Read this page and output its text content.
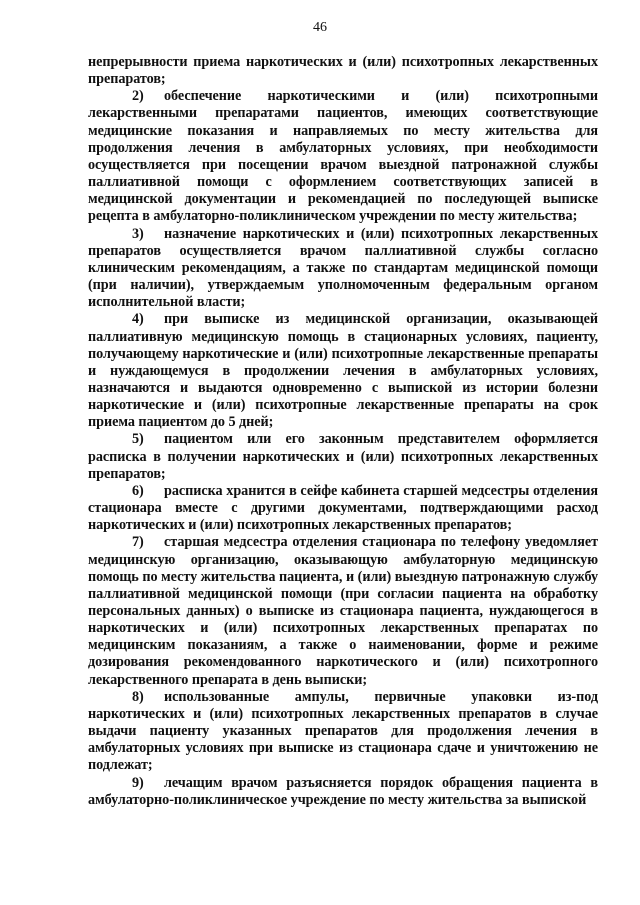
46

непрерывности приема наркотических и (или) психотропных лекарственных препаратов;

2) обеспечение наркотическими и (или) психотропными лекарственными препаратами пациентов, имеющих соответствующие медицинские показания и направляемых по месту жительства для продолжения лечения в амбулаторных условиях, при необходимости осуществляется при посещении врачом выездной патронажной службы паллиативной помощи с оформлением соответствующих записей в медицинской документации и рекомендацией по последующей выписке рецепта в амбулаторно-поликлиническом учреждении по месту жительства;

3) назначение наркотических и (или) психотропных лекарственных препаратов осуществляется врачом паллиативной службы согласно клиническим рекомендациям, а также по стандартам медицинской помощи (при наличии), утверждаемым уполномоченным федеральным органом исполнительной власти;

4) при выписке из медицинской организации, оказывающей паллиативную медицинскую помощь в стационарных условиях, пациенту, получающему наркотические и (или) психотропные лекарственные препараты и нуждающемуся в продолжении лечения в амбулаторных условиях, назначаются и выдаются одновременно с выпиской из истории болезни наркотические и (или) психотропные лекарственные препараты на срок приема пациентом до 5 дней;

5) пациентом или его законным представителем оформляется расписка в получении наркотических и (или) психотропных лекарственных препаратов;

6) расписка хранится в сейфе кабинета старшей медсестры отделения стационара вместе с другими документами, подтверждающими расход наркотических и (или) психотропных лекарственных препаратов;

7) старшая медсестра отделения стационара по телефону уведомляет медицинскую организацию, оказывающую амбулаторную медицинскую помощь по месту жительства пациента, и (или) выездную патронажную службу паллиативной медицинской помощи (при согласии пациента на обработку персональных данных) о выписке из стационара пациента, нуждающегося в наркотических и (или) психотропных лекарственных препаратах по медицинским показаниям, а также о наименовании, форме и режиме дозирования рекомендованного наркотического и (или) психотропного лекарственного препарата в день выписки;

8) использованные ампулы, первичные упаковки из-под наркотических и (или) психотропных лекарственных препаратов в случае выдачи пациенту указанных препаратов для продолжения лечения в амбулаторных условиях при выписке из стационара сдаче и уничтожению не подлежат;

9) лечащим врачом разъясняется порядок обращения пациента в амбулаторно-поликлиническое учреждение по месту жительства за выпиской
